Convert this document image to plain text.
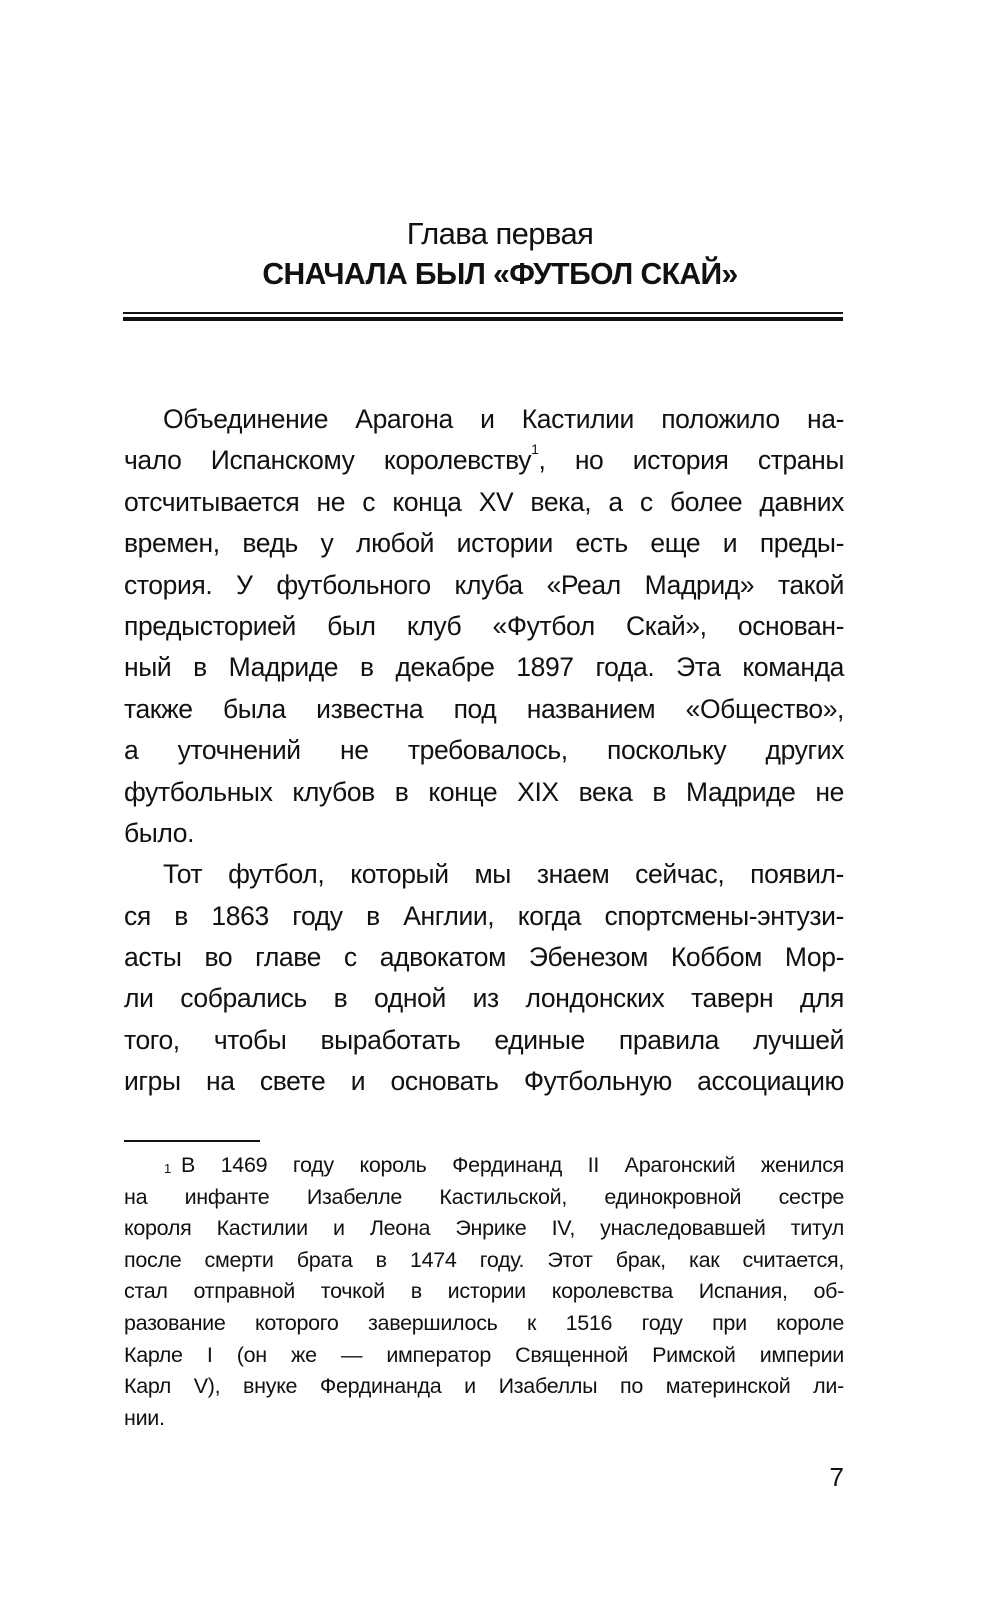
Глава первая
СНАЧАЛА БЫЛ «ФУТБОЛ СКАЙ»
Объединение Арагона и Кастилии положило на-
чало Испанскому королевству$^1$, но история страны
отсчитывается не с конца XV века, а с более давних
времен, ведь у любой истории есть еще и преды-
стория. У футбольного клуба «Реал Мадрид» такой
предысторией был клуб «Футбол Скай», основан-
ный в Мадриде в декабре 1897 года. Эта команда
также была известна под названием «Общество»,
а уточнений не требовалось, поскольку других
футбольных клубов в конце XIX века в Мадриде не
было.
Тот футбол, который мы знаем сейчас, появил-
ся в 1863 году в Англии, когда спортсмены-энтузи-
асты во главе с адвокатом Эбенезом Коббом Мор-
ли собрались в одной из лондонских таверн для
того, чтобы выработать единые правила лучшей
игры на свете и основать Футбольную ассоциацию
$^1$ В 1469 году король Фердинанд II Арагонский женился
на инфанте Изабелле Кастильской, единокровной сестре
короля Кастилии и Леона Энрике IV, унаследовавшей титул
после смерти брата в 1474 году. Этот брак, как считается,
стал отправной точкой в истории королевства Испания, об-
разование которого завершилось к 1516 году при короле
Карле I (он же — император Священной Римской империи
Карл V), внуке Фердинанда и Изабеллы по материнской ли-
нии.
7
